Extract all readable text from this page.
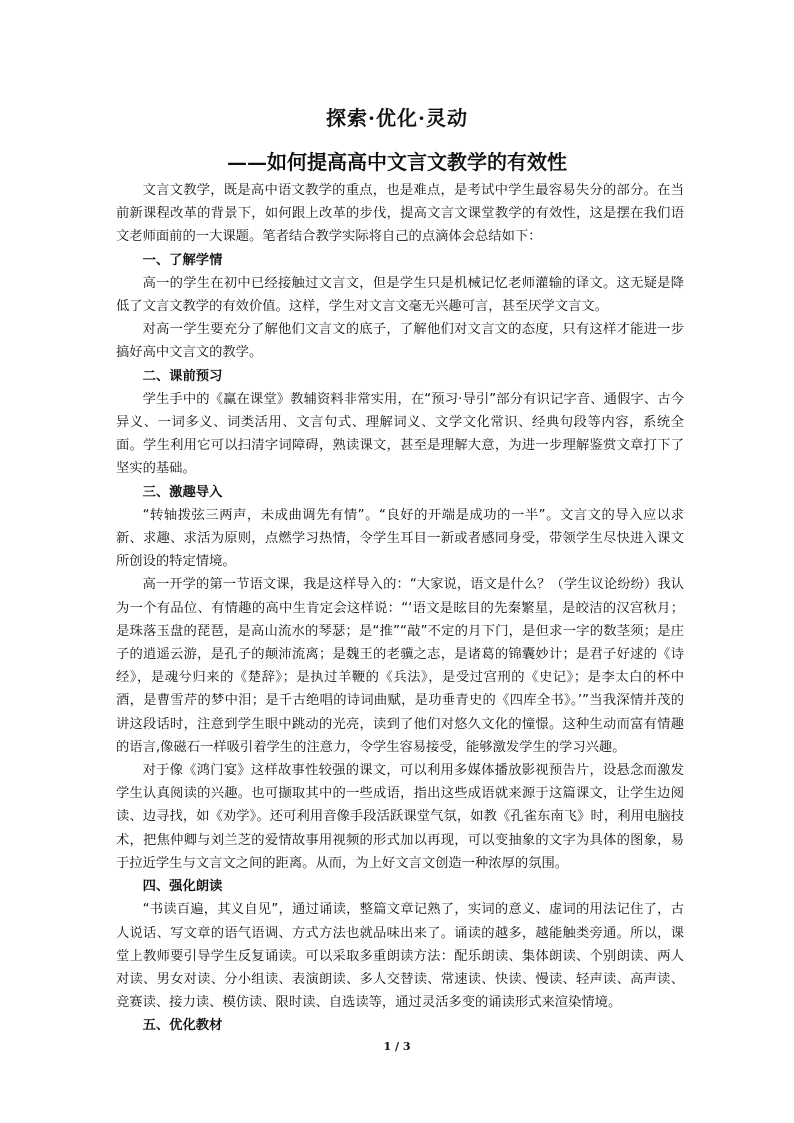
探索·优化·灵动
——如何提高高中文言文教学的有效性

文言文教学，既是高中语文教学的重点，也是难点，是考试中学生最容易失分的部分。在当前新课程改革的背景下，如何跟上改革的步伐，提高文言文课堂教学的有效性，这是摆在我们语文老师面前的一大课题。笔者结合教学实际将自己的点滴体会总结如下：

一、了解学情

高一的学生在初中已经接触过文言文，但是学生只是机械记忆老师灌输的译文。这无疑是降低了文言文教学的有效价值。这样，学生对文言文毫无兴趣可言，甚至厌学文言文。

对高一学生要充分了解他们文言文的底子，了解他们对文言文的态度，只有这样才能进一步搞好高中文言文的教学。

二、课前预习

学生手中的《赢在课堂》教辅资料非常实用，在“预习·导引”部分有识记字音、通假字、古今异义、一词多义、词类活用、文言句式、理解词义、文学文化常识、经典句段等内容，系统全面。学生利用它可以扫清字词障碍，熟读课文，甚至是理解大意，为进一步理解鉴赏文章打下了坚实的基础。

三、激趣导入

“转轴拨弦三两声，未成曲调先有情”。“良好的开端是成功的一半”。文言文的导入应以求新、求趣、求活为原则，点燃学习热情，令学生耳目一新或者感同身受，带领学生尽快进入课文所创设的特定情境。

高一开学的第一节语文课，我是这样导入的：“大家说，语文是什么？（学生议论纷纷）我认为一个有品位、有情趣的高中生肯定会这样说：“‘语文是眩目的先秦繁星，是皎洁的汉宫秋月；是珠落玉盘的琵琶，是高山流水的琴瑟；是“推”“敲”不定的月下门，是但求一字的数茎须；是庄子的逍遥云游，是孔子的颠沛流离；是魏王的老骥之志，是诸葛的锦囊妙计；是君子好逑的《诗经》，是魂兮归来的《楚辞》；是执过羊鞭的《兵法》，是受过宫刑的《史记》；是李太白的杯中酒，是曹雪芹的梦中泪；是千古绝唱的诗词曲赋，是功垂青史的《四库全书》。’”当我深情并茂的讲这段话时，注意到学生眼中跳动的光亮，读到了他们对悠久文化的憧憬。这种生动而富有情趣的语言,像磁石一样吸引着学生的注意力，令学生容易接受，能够激发学生的学习兴趣。

对于像《鸿门宴》这样故事性较强的课文，可以利用多媒体播放影视预告片，设悬念而激发学生认真阅读的兴趣。也可撷取其中的一些成语，指出这些成语就来源于这篇课文，让学生边阅读、边寻找，如《劝学》。还可利用音像手段活跃课堂气氛，如教《孔雀东南飞》时，利用电脑技术，把焦仲卿与刘兰芝的爱情故事用视频的形式加以再现，可以变抽象的文字为具体的图象，易于拉近学生与文言文之间的距离。从而，为上好文言文创造一种浓厚的氛围。

四、强化朗读

“书读百遍，其义自见”，通过诵读，整篇文章记熟了，实词的意义、虚词的用法记住了，古人说话、写文章的语气语调、方式方法也就品味出来了。诵读的越多，越能触类旁通。所以，课堂上教师要引导学生反复诵读。可以采取多重朗读方法：配乐朗读、集体朗读、个别朗读、两人对读、男女对读、分小组读、表演朗读、多人交替读、常速读、快读、慢读、轻声读、高声读、竞赛读、接力读、模仿读、限时读、自选读等，通过灵活多变的诵读形式来渲染情境。

五、优化教材
1 / 3
